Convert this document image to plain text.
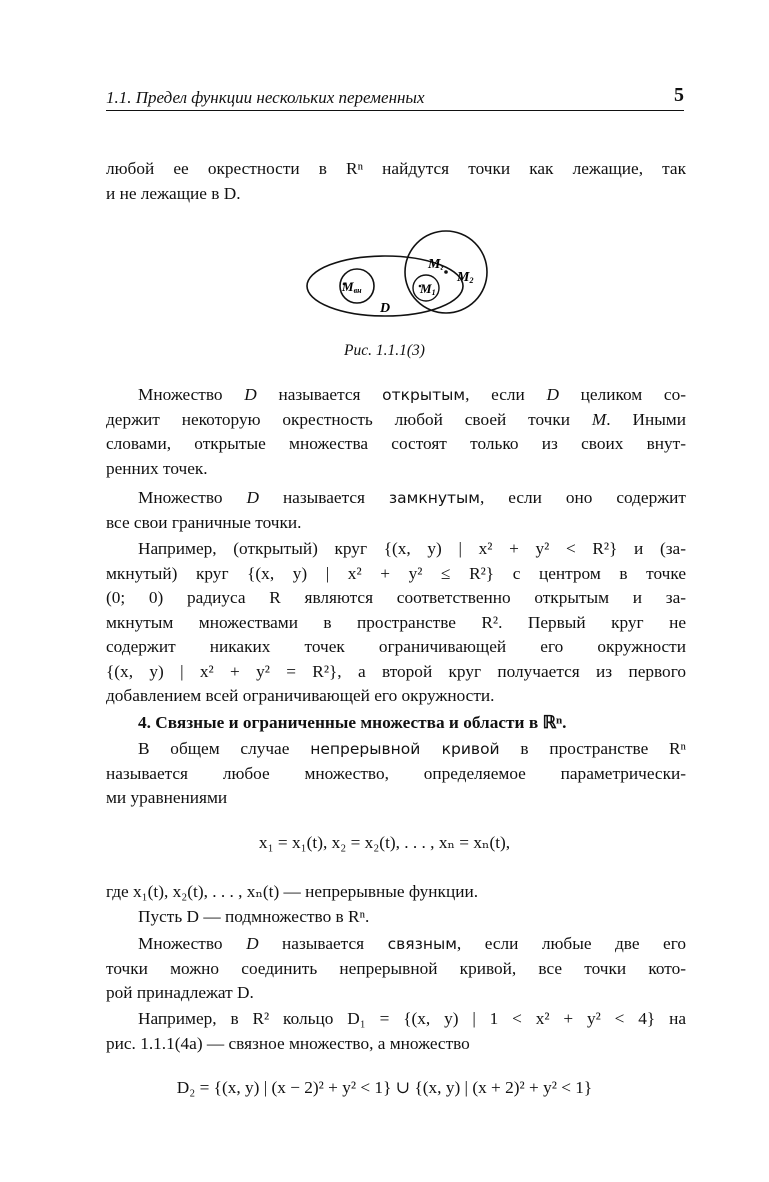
1.1. Предел функции нескольких переменных	5
любой ее окрестности в Rⁿ найдутся точки как лежащие, так
и не лежащие в D.
Mвн
Mг
M1
M2
D
Рис. 1.1.1(3)
Множество D называется открытым, если D целиком со-
держит некоторую окрестность любой своей точки M. Иными
словами, открытые множества состоят только из своих внут-
ренних точек.
Множество D называется замкнутым, если оно содержит
все свои граничные точки.
Например, (открытый) круг {(x, y) | x² + y² < R²} и (за-
мкнутый) круг {(x, y) | x² + y² ≤ R²} с центром в точке
(0; 0) радиуса R являются соответственно открытым и за-
мкнутым множествами в пространстве R². Первый круг не
содержит никаких точек ограничивающей его окружности
{(x, y) | x² + y² = R²}, а второй круг получается из первого
добавлением всей ограничивающей его окружности.
4. Связные и ограниченные множества и области в ℝⁿ.
В общем случае непрерывной кривой в пространстве Rⁿ
называется любое множество, определяемое параметрически-
ми уравнениями
x₁ = x₁(t), x₂ = x₂(t), . . . , xₙ = xₙ(t),
где x₁(t), x₂(t), . . . , xₙ(t) — непрерывные функции.
Пусть D — подмножество в Rⁿ.
Множество D называется связным, если любые две его
точки можно соединить непрерывной кривой, все точки кото-
рой принадлежат D.
Например, в R² кольцо D₁ = {(x, y) | 1 < x² + y² < 4} на
рис. 1.1.1(4а) — связное множество, а множество
D₂ = {(x, y) | (x − 2)² + y² < 1} ∪ {(x, y) | (x + 2)² + y² < 1}
